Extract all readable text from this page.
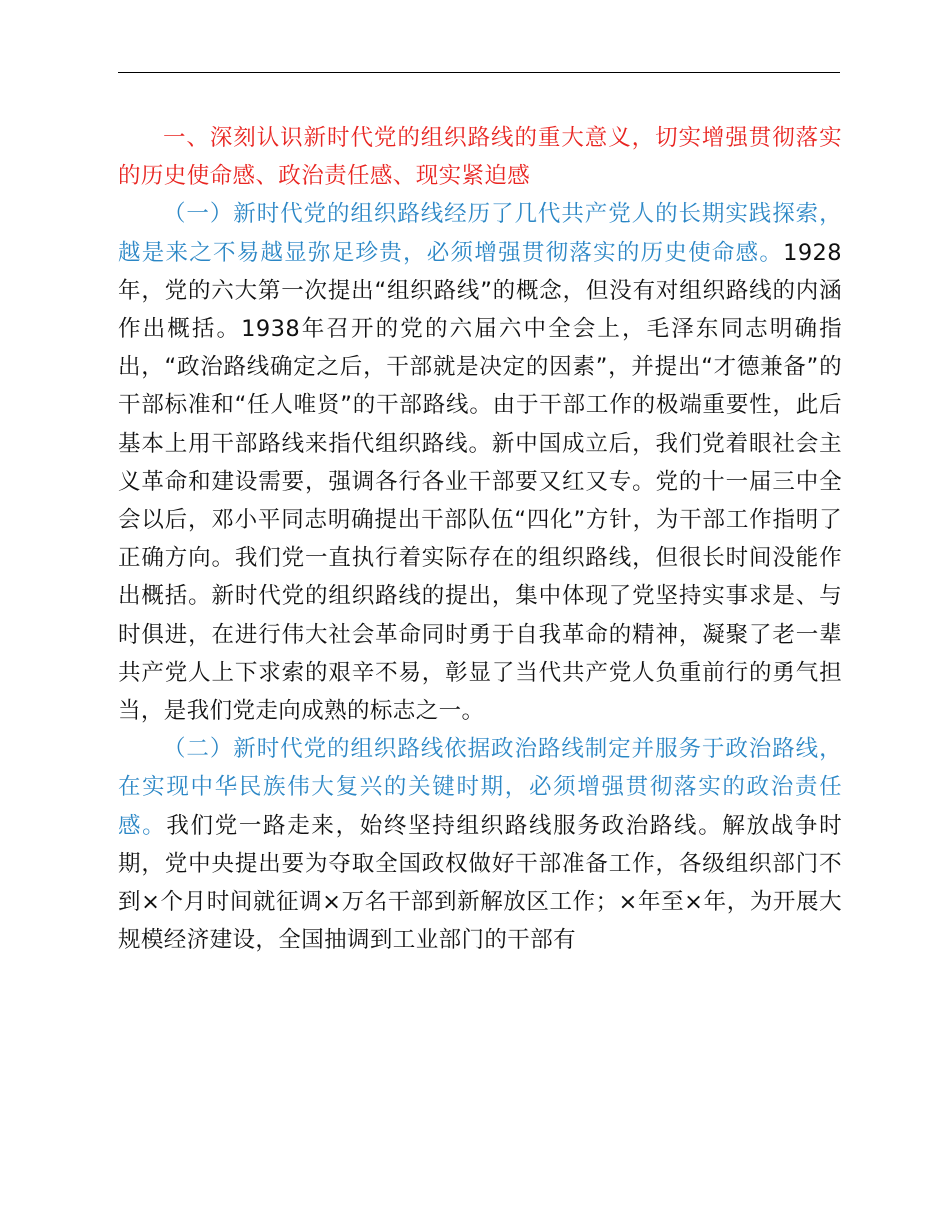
一、深刻认识新时代党的组织路线的重大意义，切实增强贯彻落实的历史使命感、政治责任感、现实紧迫感

（一）新时代党的组织路线经历了几代共产党人的长期实践探索，越是来之不易越显弥足珍贵，必须增强贯彻落实的历史使命感。1928年，党的六大第一次提出“组织路线”的概念，但没有对组织路线的内涵作出概括。1938年召开的党的六届六中全会上，毛泽东同志明确指出，“政治路线确定之后，干部就是决定的因素”，并提出“才德兼备”的干部标准和“任人唯贤”的干部路线。由于干部工作的极端重要性，此后基本上用干部路线来指代组织路线。新中国成立后，我们党着眼社会主义革命和建设需要，强调各行各业干部要又红又专。党的十一届三中全会以后，邓小平同志明确提出干部队伍“四化”方针，为干部工作指明了正确方向。我们党一直执行着实际存在的组织路线，但很长时间没能作出概括。新时代党的组织路线的提出，集中体现了党坚持实事求是、与时俱进，在进行伟大社会革命同时勇于自我革命的精神，凝聚了老一辈共产党人上下求索的艰辛不易，彰显了当代共产党人负重前行的勇气担当，是我们党走向成熟的标志之一。

（二）新时代党的组织路线依据政治路线制定并服务于政治路线，在实现中华民族伟大复兴的关键时期，必须增强贯彻落实的政治责任感。我们党一路走来，始终坚持组织路线服务政治路线。解放战争时期，党中央提出要为夺取全国政权做好干部准备工作，各级组织部门不到×个月时间就征调×万名干部到新解放区工作；×年至×年，为开展大规模经济建设，全国抽调到工业部门的干部有
